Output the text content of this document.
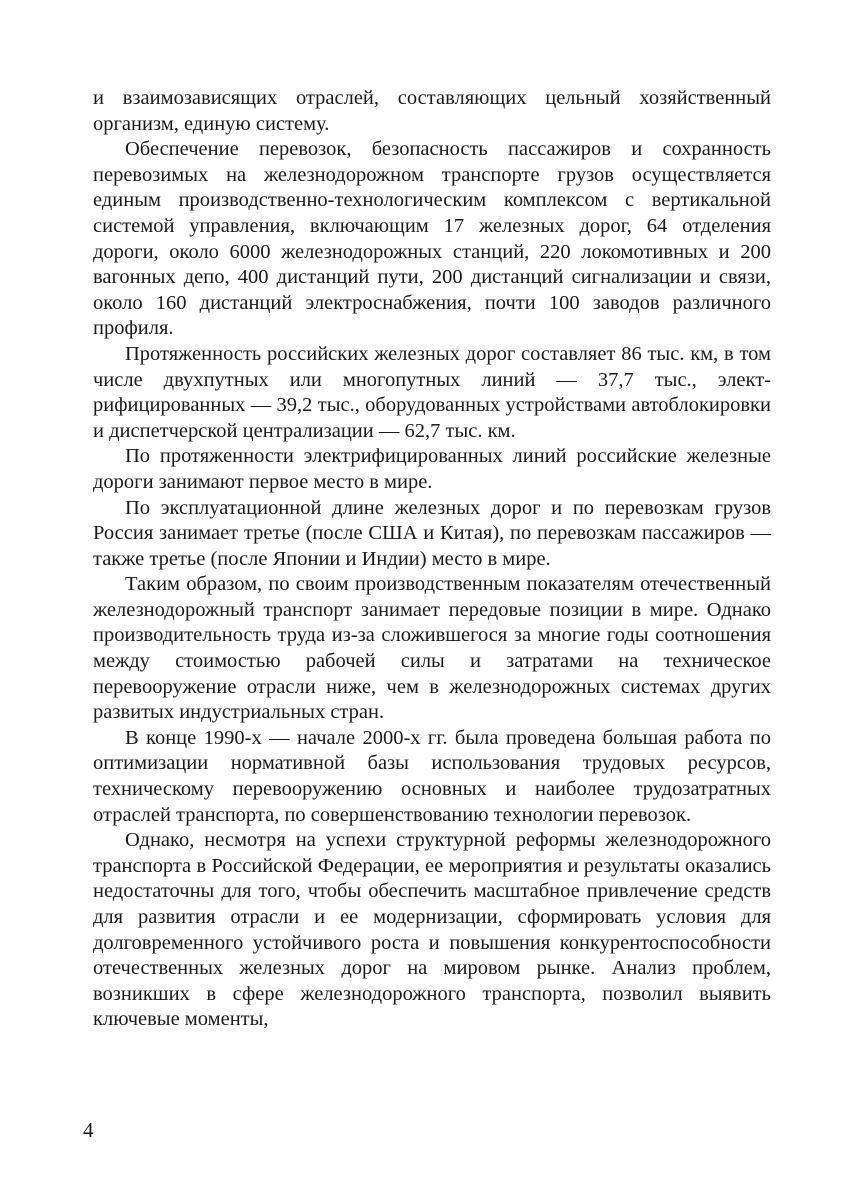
и взаимозависящих отраслей, составляющих цельный хозяйственный организм, единую систему.

Обеспечение перевозок, безопасность пассажиров и сохранность перевозимых на железнодорожном транспорте грузов осуществляется единым производственно-технологическим комплексом с вертикальной системой управления, включающим 17 железных дорог, 64 отделения дороги, около 6000 железнодорожных станций, 220 локомотивных и 200 вагонных депо, 400 дистанций пути, 200 дистанций сигнализации и связи, около 160 дистанций электроснабжения, почти 100 заводов различного профиля.

Протяженность российских железных дорог составляет 86 тыс. км, в том числе двухпутных или многопутных линий — 37,7 тыс., электрифицированных — 39,2 тыс., оборудованных устройствами автоблокировки и диспетчерской централизации — 62,7 тыс. км.

По протяженности электрифицированных линий российские железные дороги занимают первое место в мире.

По эксплуатационной длине железных дорог и по перевозкам грузов Россия занимает третье (после США и Китая), по перевозкам пассажиров — также третье (после Японии и Индии) место в мире.

Таким образом, по своим производственным показателям отечественный железнодорожный транспорт занимает передовые позиции в мире. Однако производительность труда из-за сложившегося за многие годы соотношения между стоимостью рабочей силы и затратами на техническое перевооружение отрасли ниже, чем в железнодорожных системах других развитых индустриальных стран.

В конце 1990-х — начале 2000-х гг. была проведена большая работа по оптимизации нормативной базы использования трудовых ресурсов, техническому перевооружению основных и наиболее трудозатратных отраслей транспорта, по совершенствованию технологии перевозок.

Однако, несмотря на успехи структурной реформы железнодорожного транспорта в Российской Федерации, ее мероприятия и результаты оказались недостаточны для того, чтобы обеспечить масштабное привлечение средств для развития отрасли и ее модернизации, сформировать условия для долговременного устойчивого роста и повышения конкурентоспособности отечественных железных дорог на мировом рынке. Анализ проблем, возникших в сфере железнодорожного транспорта, позволил выявить ключевые моменты,

4
